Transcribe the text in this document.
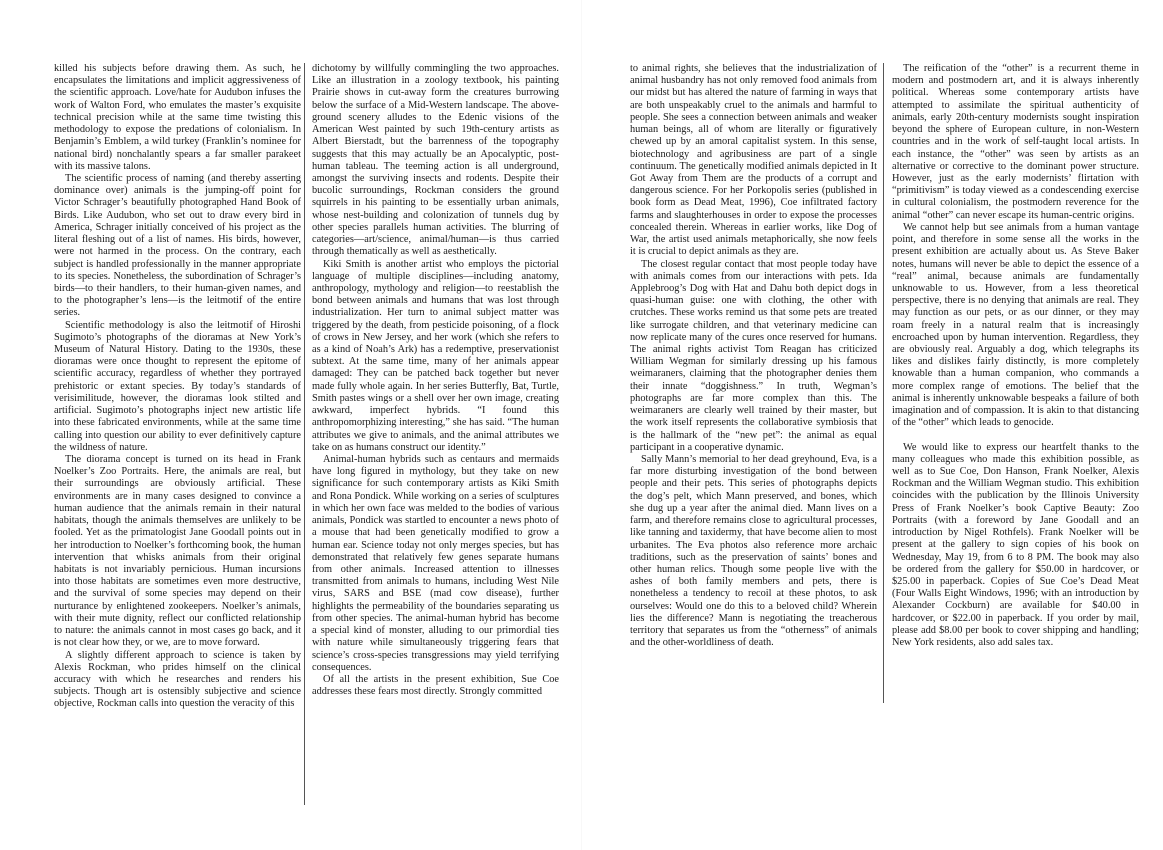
killed his subjects before drawing them. As such, he encapsulates the limitations and implicit aggressiveness of the scientific approach. Love/hate for Audubon infuses the work of Walton Ford, who emulates the master’s exquisite technical precision while at the same time twisting this methodology to expose the predations of colonialism. In Benjamin’s Emblem, a wild turkey (Franklin’s nominee for national bird) nonchalantly spears a far smaller parakeet with its massive talons.

The scientific process of naming (and thereby asserting dominance over) animals is the jumping-off point for Victor Schrager’s beautifully photographed Hand Book of Birds. Like Audubon, who set out to draw every bird in America, Schrager initially conceived of his project as the literal fleshing out of a list of names. His birds, however, were not harmed in the process. On the contrary, each subject is handled professionally in the manner appropriate to its species. Nonetheless, the subordination of Schrager’s birds—to their handlers, to their human-given names, and to the photographer’s lens—is the leitmotif of the entire series.

Scientific methodology is also the leitmotif of Hiroshi Sugimoto’s photographs of the dioramas at New York’s Museum of Natural History. Dating to the 1930s, these dioramas were once thought to represent the epitome of scientific accuracy, regardless of whether they portrayed prehistoric or extant species. By today’s standards of verisimilitude, however, the dioramas look stilted and artificial. Sugimoto’s photographs inject new artistic life into these fabricated environments, while at the same time calling into question our ability to ever definitively capture the wildness of nature.

The diorama concept is turned on its head in Frank Noelker’s Zoo Portraits. Here, the animals are real, but their surroundings are obviously artificial. These environments are in many cases designed to convince a human audience that the animals remain in their natural habitats, though the animals themselves are unlikely to be fooled. Yet as the primatologist Jane Goodall points out in her introduction to Noelker’s forthcoming book, the human intervention that whisks animals from their original habitats is not invariably pernicious. Human incursions into those habitats are sometimes even more destructive, and the survival of some species may depend on their nurturance by enlightened zookeepers. Noelker’s animals, with their mute dignity, reflect our conflicted relationship to nature: the animals cannot in most cases go back, and it is not clear how they, or we, are to move forward.

A slightly different approach to science is taken by Alexis Rockman, who prides himself on the clinical accuracy with which he researches and renders his subjects. Though art is ostensibly subjective and science objective, Rockman calls into question the veracity of this

dichotomy by willfully commingling the two approaches. Like an illustration in a zoology textbook, his painting Prairie shows in cut-away form the creatures burrowing below the surface of a Mid-Western landscape. The above-ground scenery alludes to the Edenic visions of the American West painted by such 19th-century artists as Albert Bierstadt, but the barrenness of the topography suggests that this may actually be an Apocalyptic, post-human tableau. The teeming action is all underground, amongst the surviving insects and rodents. Despite their bucolic surroundings, Rockman considers the ground squirrels in his painting to be essentially urban animals, whose nest-building and colonization of tunnels dug by other species parallels human activities. The blurring of categories—art/science, animal/human—is thus carried through thematically as well as aesthetically.

Kiki Smith is another artist who employs the pictorial language of multiple disciplines—including anatomy, anthropology, mythology and religion—to reestablish the bond between animals and humans that was lost through industrialization. Her turn to animal subject matter was triggered by the death, from pesticide poisoning, of a flock of crows in New Jersey, and her work (which she refers to as a kind of Noah’s Ark) has a redemptive, preservationist subtext. At the same time, many of her animals appear damaged: They can be patched back together but never made fully whole again. In her series Butterfly, Bat, Turtle, Smith pastes wings or a shell over her own image, creating awkward, imperfect hybrids. “I found this anthropomorphizing interesting,” she has said. “The human attributes we give to animals, and the animal attributes we take on as humans construct our identity.”

Animal-human hybrids such as centaurs and mermaids have long figured in mythology, but they take on new significance for such contemporary artists as Kiki Smith and Rona Pondick. While working on a series of sculptures in which her own face was melded to the bodies of various animals, Pondick was startled to encounter a news photo of a mouse that had been genetically modified to grow a human ear. Science today not only merges species, but has demonstrated that relatively few genes separate humans from other animals. Increased attention to illnesses transmitted from animals to humans, including West Nile virus, SARS and BSE (mad cow disease), further highlights the permeability of the boundaries separating us from other species. The animal-human hybrid has become a special kind of monster, alluding to our primordial ties with nature while simultaneously triggering fears that science’s cross-species transgressions may yield terrifying consequences.

Of all the artists in the present exhibition, Sue Coe addresses these fears most directly. Strongly committed

to animal rights, she believes that the industrialization of animal husbandry has not only removed food animals from our midst but has altered the nature of farming in ways that are both unspeakably cruel to the animals and harmful to people. She sees a connection between animals and weaker human beings, all of whom are literally or figuratively chewed up by an amoral capitalist system. In this sense, biotechnology and agribusiness are part of a single continuum. The genetically modified animals depicted in It Got Away from Them are the products of a corrupt and dangerous science. For her Porkopolis series (published in book form as Dead Meat, 1996), Coe infiltrated factory farms and slaughterhouses in order to expose the processes concealed therein. Whereas in earlier works, like Dog of War, the artist used animals metaphorically, she now feels it is crucial to depict animals as they are.

The closest regular contact that most people today have with animals comes from our interactions with pets. Ida Applebroog’s Dog with Hat and Dahu both depict dogs in quasi-human guise: one with clothing, the other with crutches. These works remind us that some pets are treated like surrogate children, and that veterinary medicine can now replicate many of the cures once reserved for humans. The animal rights activist Tom Reagan has criticized William Wegman for similarly dressing up his famous weimaraners, claiming that the photographer denies them their innate “doggishness.” In truth, Wegman’s photographs are far more complex than this. The weimaraners are clearly well trained by their master, but the work itself represents the collaborative symbiosis that is the hallmark of the “new pet”: the animal as equal participant in a cooperative dynamic.

Sally Mann’s memorial to her dead greyhound, Eva, is a far more disturbing investigation of the bond between people and their pets. This series of photographs depicts the dog’s pelt, which Mann preserved, and bones, which she dug up a year after the animal died. Mann lives on a farm, and therefore remains close to agricultural processes, like tanning and taxidermy, that have become alien to most urbanites. The Eva photos also reference more archaic traditions, such as the preservation of saints’ bones and other human relics. Though some people live with the ashes of both family members and pets, there is nonetheless a tendency to recoil at these photos, to ask ourselves: Would one do this to a beloved child? Wherein lies the difference? Mann is negotiating the treacherous territory that separates us from the “otherness” of animals and the other-worldliness of death.

The reification of the “other” is a recurrent theme in modern and postmodern art, and it is always inherently political. Whereas some contemporary artists have attempted to assimilate the spiritual authenticity of animals, early 20th-century modernists sought inspiration beyond the sphere of European culture, in non-Western countries and in the work of self-taught local artists. In each instance, the “other” was seen by artists as an alternative or corrective to the dominant power structure. However, just as the early modernists’ flirtation with “primitivism” is today viewed as a condescending exercise in cultural colonialism, the postmodern reverence for the animal “other” can never escape its human-centric origins.

We cannot help but see animals from a human vantage point, and therefore in some sense all the works in the present exhibition are actually about us. As Steve Baker notes, humans will never be able to depict the essence of a “real” animal, because animals are fundamentally unknowable to us. However, from a less theoretical perspective, there is no denying that animals are real. They may function as our pets, or as our dinner, or they may roam freely in a natural realm that is increasingly encroached upon by human intervention. Regardless, they are obviously real. Arguably a dog, which telegraphs its likes and dislikes fairly distinctly, is more completely knowable than a human companion, who commands a more complex range of emotions. The belief that the animal is inherently unknowable bespeaks a failure of both imagination and of compassion. It is akin to that distancing of the “other” which leads to genocide.

We would like to express our heartfelt thanks to the many colleagues who made this exhibition possible, as well as to Sue Coe, Don Hanson, Frank Noelker, Alexis Rockman and the William Wegman studio. This exhibition coincides with the publication by the Illinois University Press of Frank Noelker’s book Captive Beauty: Zoo Portraits (with a foreword by Jane Goodall and an introduction by Nigel Rothfels). Frank Noelker will be present at the gallery to sign copies of his book on Wednesday, May 19, from 6 to 8 PM. The book may also be ordered from the gallery for $50.00 in hardcover, or $25.00 in paperback. Copies of Sue Coe’s Dead Meat (Four Walls Eight Windows, 1996; with an introduction by Alexander Cockburn) are available for $40.00 in hardcover, or $22.00 in paperback. If you order by mail, please add $8.00 per book to cover shipping and handling; New York residents, also add sales tax.
